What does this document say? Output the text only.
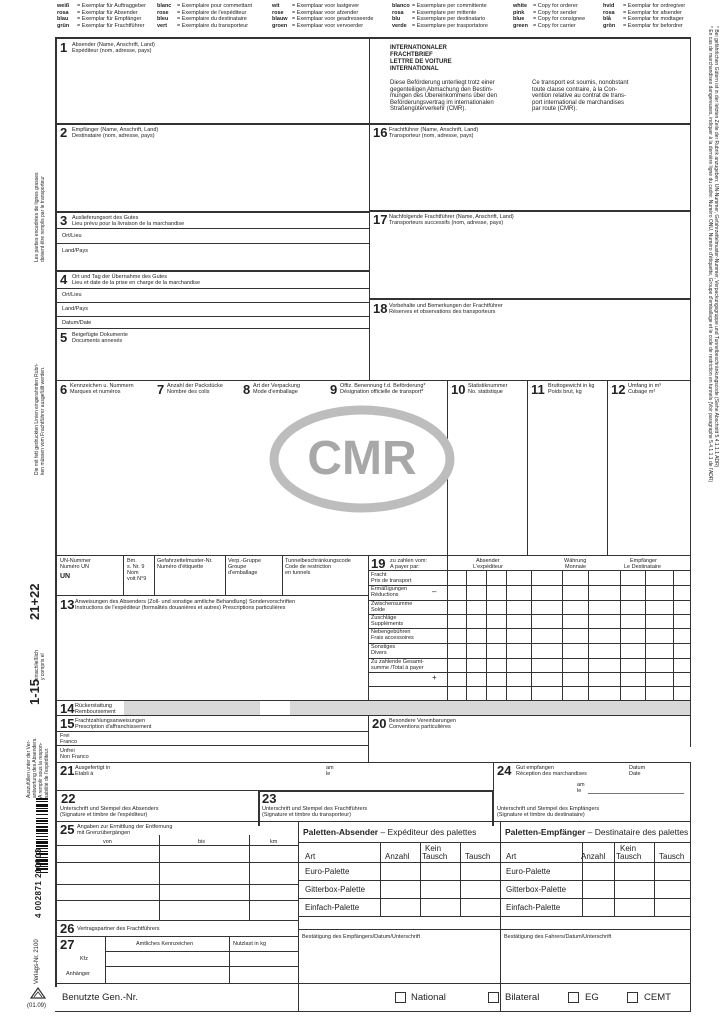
weiß = Exemplar für Auftraggeber
rosa = Exemplar für Absender
blau = Exemplar für Empfänger
grün = Exemplar für Frachtführer
blanc = Exemplaire pour commettant
rose = Exemplaire de l'expéditeur
bleu = Exemplaire du destinataire
vert = Exemplaire du transporteur
wit = Exemplaar voor lastgever
rose = Exemplaar voor afzender
blauw = Exemplaar voor geadresseerde
groen = Exemplaar voor vervoerder
blanco = Essemplare per committente
rosa = Essemplare per mittente
blu = Essemplare per destinatario
verde = Essemplare per trasportatore
white = Copy for orderer
pink = Copy for sender
blue = Copy for consignee
green = Copy for carrier
hvid = Exemplar for ordregiver
rosa = Exemplar for afsender
blå = Exemplar for modtager
grön = Exemplar for befordrer
Les parties encadrées de lignes grasses doivent être remplis par le transporteur
Die mit fett gedruckten Linien eingerahmten Rubri- ken müssen vom Frachtführer ausgefüllt werden.
21+22
1-15
einschließlich y compris el
Auszufüllen unter der Ver- antwortung des Absenders. A remplir sous la respon- sabilité de l'expéditeur.
4 002871 210003
Verlags-Nr. 2100
(01.09)
* Bei gefährlichen Gütern ist in der letzten Zeile der Rubrik anzugeben: UN-Nummer, Gefahrzettelmuster-Nummer, Verpackungsgruppe und Tunnelbeschränkungscode (Siehe Abschnitt 5.4.1.1.1 ADR)
* En cas de marchandises dangereuses, indiquer à la dernière ligne du cadre: Numéro ONU, Numéro d'étiquette, Groupe d'emballage et le code de restriction en tunnels (Voir paragraphe 5.4.1.1.1 de l'ADR)
1 Absender (Name, Anschrift, Land)
Expéditeur (nom, adresse, pays)	INTERNATIONALER
FRACHTBRIEF
LETTRE DE VOITURE
INTERNATIONAL
Diese Beförderung unterliegt trotz einer
gegenteiligen Abmachung den Bestim-
mungen des Übereinkommens über den
Beförderungsvertrag im internationalen
Straßengüterverkehr (CMR).
Ce transport est soumis, nonobstant
toute clause contraire, à la Con-
vention relative au contrat de trans-
port international de marchandises
par route (CMR).
2 Empfänger (Name, Anschrift, Land)
Destinataire (nom, adresse, pays)	16 Frachtführer (Name, Anschrift, Land)
Transporteur (nom, adresse, pays)
3 Auslieferungsort des Gutes
Lieu prévu pour la livraison de la marchandise
Ort/Lieu
Land/Pays
17 Nachfolgende Frachtführer (Name, Anschrift, Land)
Transporteurs successifs (nom, adresse, pays)
4 Ort und Tag der Übernahme des Gutes
Lieu et date de la prise en charge de la marchandise
Ort/Lieu
Land/Pays
Datum/Date
18 Vorbehalte und Bemerkungen der Frachtführer
Réserves et observations des transporteurs
5 Beigefügte Dokumente
Documents annexés
6 Kennzeichen u. Nummern
Marques et numéros	7 Anzahl der Packstücke
Nombre des colis	8 Art der Verpackung
Mode d'emballage 9 Offiz. Benennung f.d. Beförderung*
Désignation officielle de transport* 10 Statistiknummer
No. statistique 11 Bruttogewicht in kg
Poids brut, kg 12 Umfang in m³
Cubage m³
CMR
UN-Nummer
Numéro UN
UN
Bm.
s. Nr. 9
Nom
voit N°9
Gefahrzettelmuster-Nr.
Numéro d'étiquette
Verp.-Gruppe
Groupe
d'emballage
Tunnelbeschränkungscode
Code de restriction
en tunnels
19 zu zahlen vom:
A payer par:
Absender
L'expéditeur
Währung
Monnaie
Empfänger
Le Destinataire
Fracht
Prix de transport
Ermäßigungen
Réductions
Zwischensumme
Solde
Zuschläge
Suppléments
Nebengebühren
Frais accessoires
Sonstiges
Divers
Zu zahlende Gesamt-
summe /Total à payer
–
+
13 Anweisungen des Absenders (Zoll- und sonstige amtliche Behandlung) Sondervorschriften
Instructions de l'expéditeur (formalités douanières et autres) Prescriptions particulières
14 Rückerstattung
Remboursement
15 Frachtzahlungsanweisungen
Prescription d'affranchissement
Frei
Franco
Unfrei
Non Franco
20 Besondere Vereinbarungen
Conventions particulières
21 Ausgefertigt in
Etabli à
am
le	24 Gut empfangen
Réception des marchandises
Datum
Date
am
le
22
Unterschrift und Stempel des Absenders
(Signature et timbre de l'expéditeur)
23
Unterschrift und Stempel des Frachtführers
(Signature et timbre du transporteur)
Unterschrift und Stempel des Empfängers
(Signature et timbre du destinataire)
25 Angaben zur Ermittlung der Entfernung
mit Grenzübergängen
von	bis	km
26 Vertragspartner des Frachtführers
27	Amtliches Kennzeichen	Nutzlast in kg
Kfz
Anhänger
Paletten-Absender – Expéditeur des palettes
Art	Anzahl
Kein
Tausch Tausch
Euro-Palette
Gitterbox-Palette
Einfach-Palette
Bestätigung des Empfängers/Datum/Unterschrift
Paletten-Empfänger – Destinataire des palettes
Art	Anzahl
Kein
Tausch Tausch
Euro-Palette
Gitterbox-Palette
Einfach-Palette
Bestätigung des Fahrers/Datum/Unterschrift
Benutzte Gen.-Nr.	National	Bilateral	EG	CEMT
